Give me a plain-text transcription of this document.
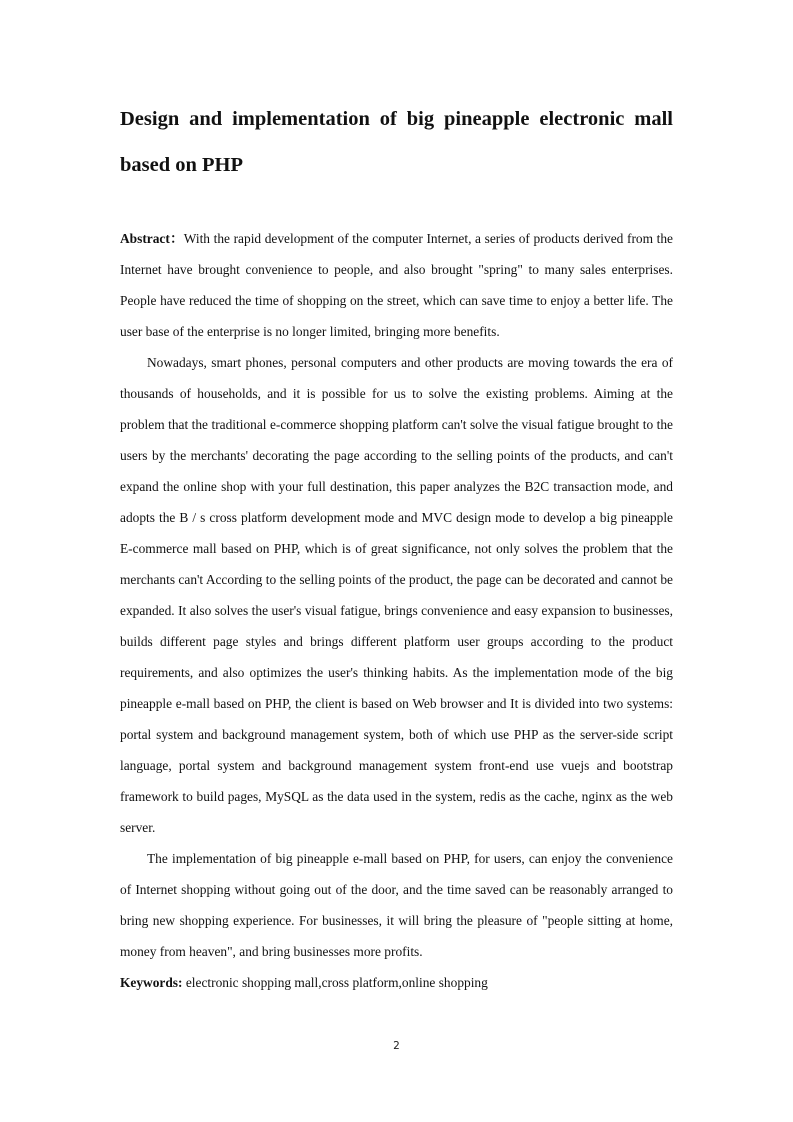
Design and implementation of big pineapple electronic mall based on PHP

Abstract：With the rapid development of the computer Internet, a series of products derived from the Internet have brought convenience to people, and also brought "spring" to many sales enterprises. People have reduced the time of shopping on the street, which can save time to enjoy a better life. The user base of the enterprise is no longer limited, bringing more benefits.

Nowadays, smart phones, personal computers and other products are moving towards the era of thousands of households, and it is possible for us to solve the existing problems. Aiming at the problem that the traditional e-commerce shopping platform can't solve the visual fatigue brought to the users by the merchants' decorating the page according to the selling points of the products, and can't expand the online shop with your full destination, this paper analyzes the B2C transaction mode, and adopts the B / s cross platform development mode and MVC design mode to develop a big pineapple E-commerce mall based on PHP, which is of great significance, not only solves the problem that the merchants can't According to the selling points of the product, the page can be decorated and cannot be expanded. It also solves the user's visual fatigue, brings convenience and easy expansion to businesses, builds different page styles and brings different platform user groups according to the product requirements, and also optimizes the user's thinking habits. As the implementation mode of the big pineapple e-mall based on PHP, the client is based on Web browser and It is divided into two systems: portal system and background management system, both of which use PHP as the server-side script language, portal system and background management system front-end use vuejs and bootstrap framework to build pages, MySQL as the data used in the system, redis as the cache, nginx as the web server.

The implementation of big pineapple e-mall based on PHP, for users, can enjoy the convenience of Internet shopping without going out of the door, and the time saved can be reasonably arranged to bring new shopping experience. For businesses, it will bring the pleasure of "people sitting at home, money from heaven", and bring businesses more profits.

Keywords: electronic shopping mall,cross platform,online shopping

2
